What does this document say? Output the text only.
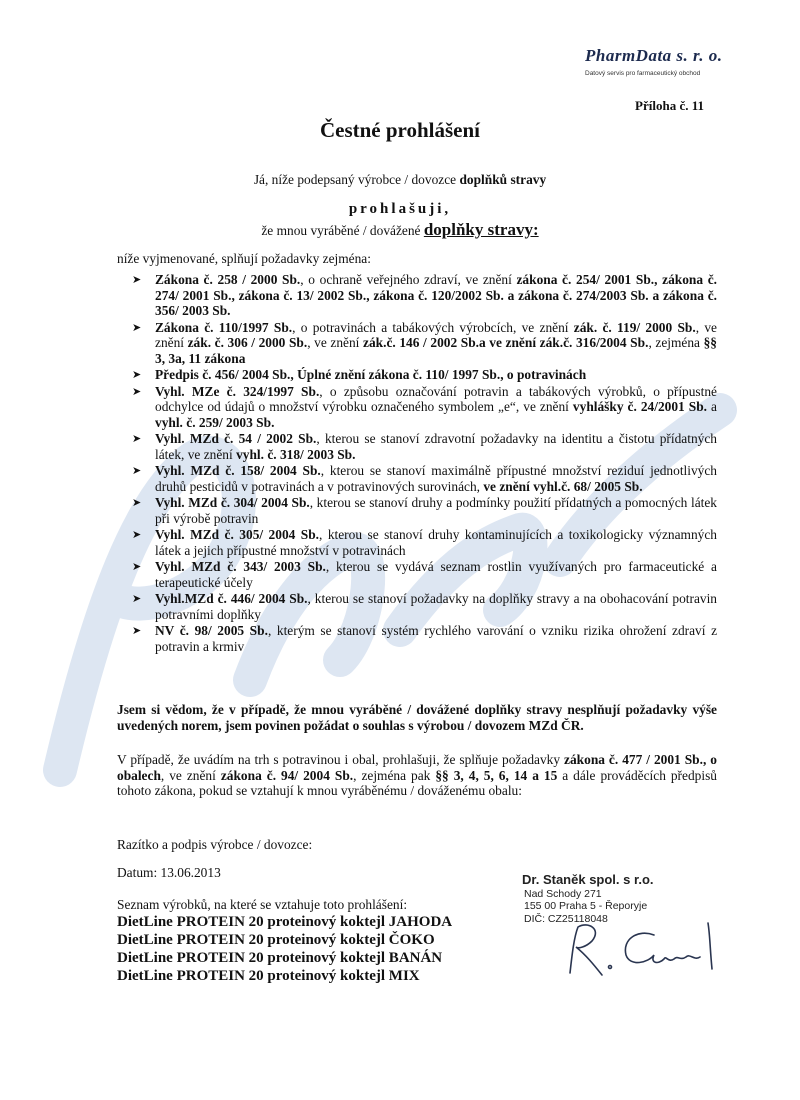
PharmData s. r. o.
Datový servis pro farmaceutický obchod
Příloha č. 11
Čestné prohlášení
Já, níže podepsaný výrobce / dovozce doplňků stravy
prohlašuji,
že mnou vyráběné / dovážené doplňky stravy:
níže vyjmenované, splňují požadavky zejména:
➤ Zákona č. 258 / 2000 Sb., o ochraně veřejného zdraví, ve znění zákona č. 254/ 2001 Sb., zákona č. 274/ 2001 Sb., zákona č. 13/ 2002 Sb., zákona č. 120/2002 Sb. a zákona č. 274/2003 Sb. a zákona č. 356/ 2003 Sb.
➤ Zákona č. 110/1997 Sb., o potravinách a tabákových výrobcích, ve znění zák. č. 119/ 2000 Sb., ve znění zák. č. 306 / 2000 Sb., ve znění zák.č. 146 / 2002 Sb.a ve znění zák.č. 316/2004 Sb., zejména §§ 3, 3a, 11 zákona
➤ Předpis č. 456/ 2004 Sb., Úplné znění zákona č. 110/ 1997 Sb., o potravinách
➤ Vyhl. MZe č. 324/1997 Sb., o způsobu označování potravin a tabákových výrobků, o přípustné odchylce od údajů o množství výrobku označeného symbolem „e“, ve znění vyhlášky č. 24/2001 Sb. a vyhl. č. 259/ 2003 Sb.
➤ Vyhl. MZd č. 54 / 2002 Sb., kterou se stanoví zdravotní požadavky na identitu a čistotu přídatných látek, ve znění vyhl. č. 318/ 2003 Sb.
➤ Vyhl. MZd č. 158/ 2004 Sb., kterou se stanoví maximálně přípustné množství reziduí jednotlivých druhů pesticidů v potravinách a v potravinových surovinách, ve znění vyhl.č. 68/ 2005 Sb.
➤ Vyhl. MZd č. 304/ 2004 Sb., kterou se stanoví druhy a podmínky použití přídatných a pomocných látek při výrobě potravin
➤ Vyhl. MZd č. 305/ 2004 Sb., kterou se stanoví druhy kontaminujících a toxikologicky významných látek a jejich přípustné množství v potravinách
➤ Vyhl. MZd č. 343/ 2003 Sb., kterou se vydává seznam rostlin využívaných pro farmaceutické a terapeutické účely
➤ Vyhl.MZd č. 446/ 2004 Sb., kterou se stanoví požadavky na doplňky stravy a na obohacování potravin potravními doplňky
➤ NV č. 98/ 2005 Sb., kterým se stanoví systém rychlého varování o vzniku rizika ohrožení zdraví z potravin a krmiv
Jsem si vědom, že v případě, že mnou vyráběné / dovážené doplňky stravy nesplňují požadavky výše uvedených norem, jsem povinen požádat o souhlas s výrobou / dovozem MZd ČR.
V případě, že uvádím na trh s potravinou i obal, prohlašuji, že splňuje požadavky zákona č. 477 / 2001 Sb., o obalech, ve znění zákona č. 94/ 2004 Sb., zejména pak §§ 3, 4, 5, 6, 14 a 15 a dále prováděcích předpisů tohoto zákona, pokud se vztahují k mnou vyráběnému / dováženému obalu:
Razítko a podpis výrobce / dovozce:
Datum: 13.06.2013
Seznam výrobků, na které se vztahuje toto prohlášení:
DietLine PROTEIN 20 proteinový koktejl JAHODA
DietLine PROTEIN 20 proteinový koktejl ČOKO
DietLine PROTEIN 20 proteinový koktejl BANÁN
DietLine PROTEIN 20 proteinový koktejl MIX
Dr. Staněk spol. s r.o.
Nad Schody 271
155 00 Praha 5 - Řeporyje
DIČ: CZ25118048
